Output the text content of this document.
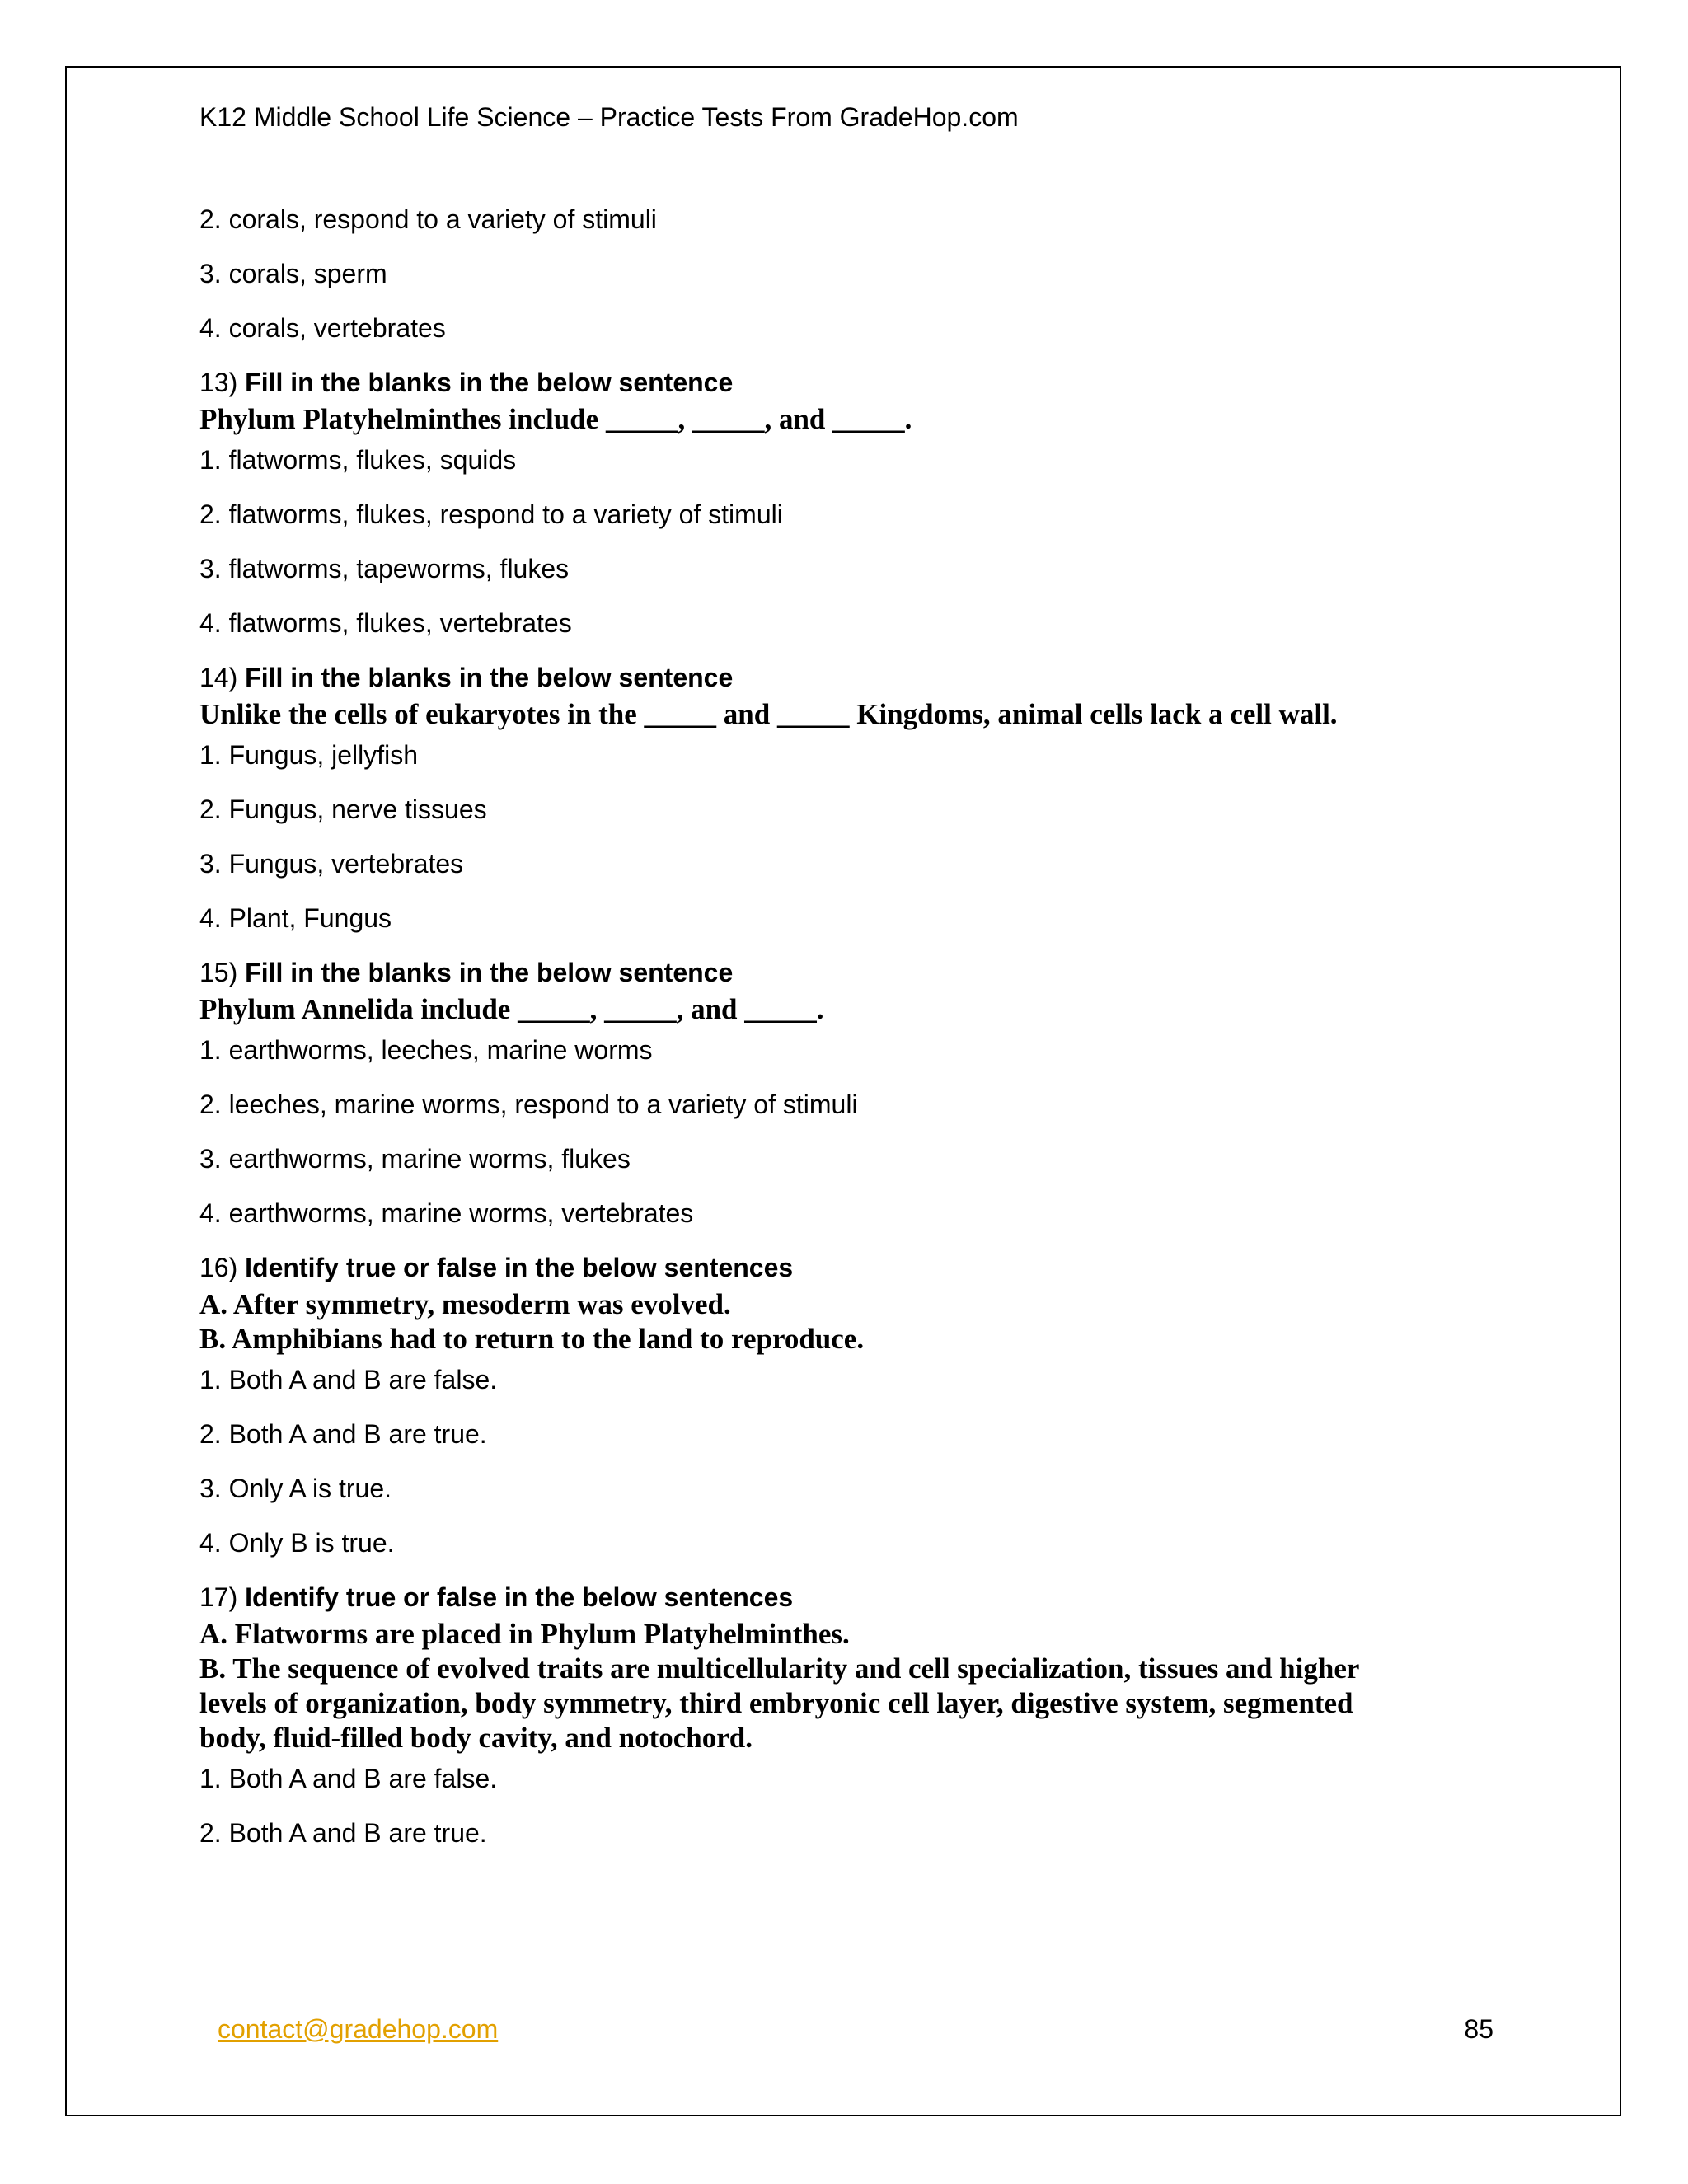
K12 Middle School Life Science – Practice Tests From GradeHop.com

2. corals, respond to a variety of stimuli

3. corals, sperm

4. corals, vertebrates

13) Fill in the blanks in the below sentence

Phylum Platyhelminthes include _____, _____, and _____.

1. flatworms, flukes, squids

2. flatworms, flukes, respond to a variety of stimuli

3. flatworms, tapeworms, flukes

4. flatworms, flukes, vertebrates

14) Fill in the blanks in the below sentence

Unlike the cells of eukaryotes in the _____ and _____ Kingdoms, animal cells lack a cell wall.

1. Fungus, jellyfish

2. Fungus, nerve tissues

3. Fungus, vertebrates

4. Plant, Fungus

15) Fill in the blanks in the below sentence

Phylum Annelida include _____, _____, and _____.

1. earthworms, leeches, marine worms

2. leeches, marine worms, respond to a variety of stimuli

3. earthworms, marine worms, flukes

4. earthworms, marine worms, vertebrates

16) Identify true or false in the below sentences

A. After symmetry, mesoderm was evolved.
B. Amphibians had to return to the land to reproduce.

1. Both A and B are false.

2. Both A and B are true.

3. Only A is true.

4. Only B is true.

17) Identify true or false in the below sentences

A. Flatworms are placed in Phylum Platyhelminthes.
B. The sequence of evolved traits are multicellularity and cell specialization, tissues and higher
levels of organization, body symmetry, third embryonic cell layer, digestive system, segmented
body, fluid-filled body cavity, and notochord.

1. Both A and B are false.

2. Both A and B are true.

contact@gradehop.com	85
